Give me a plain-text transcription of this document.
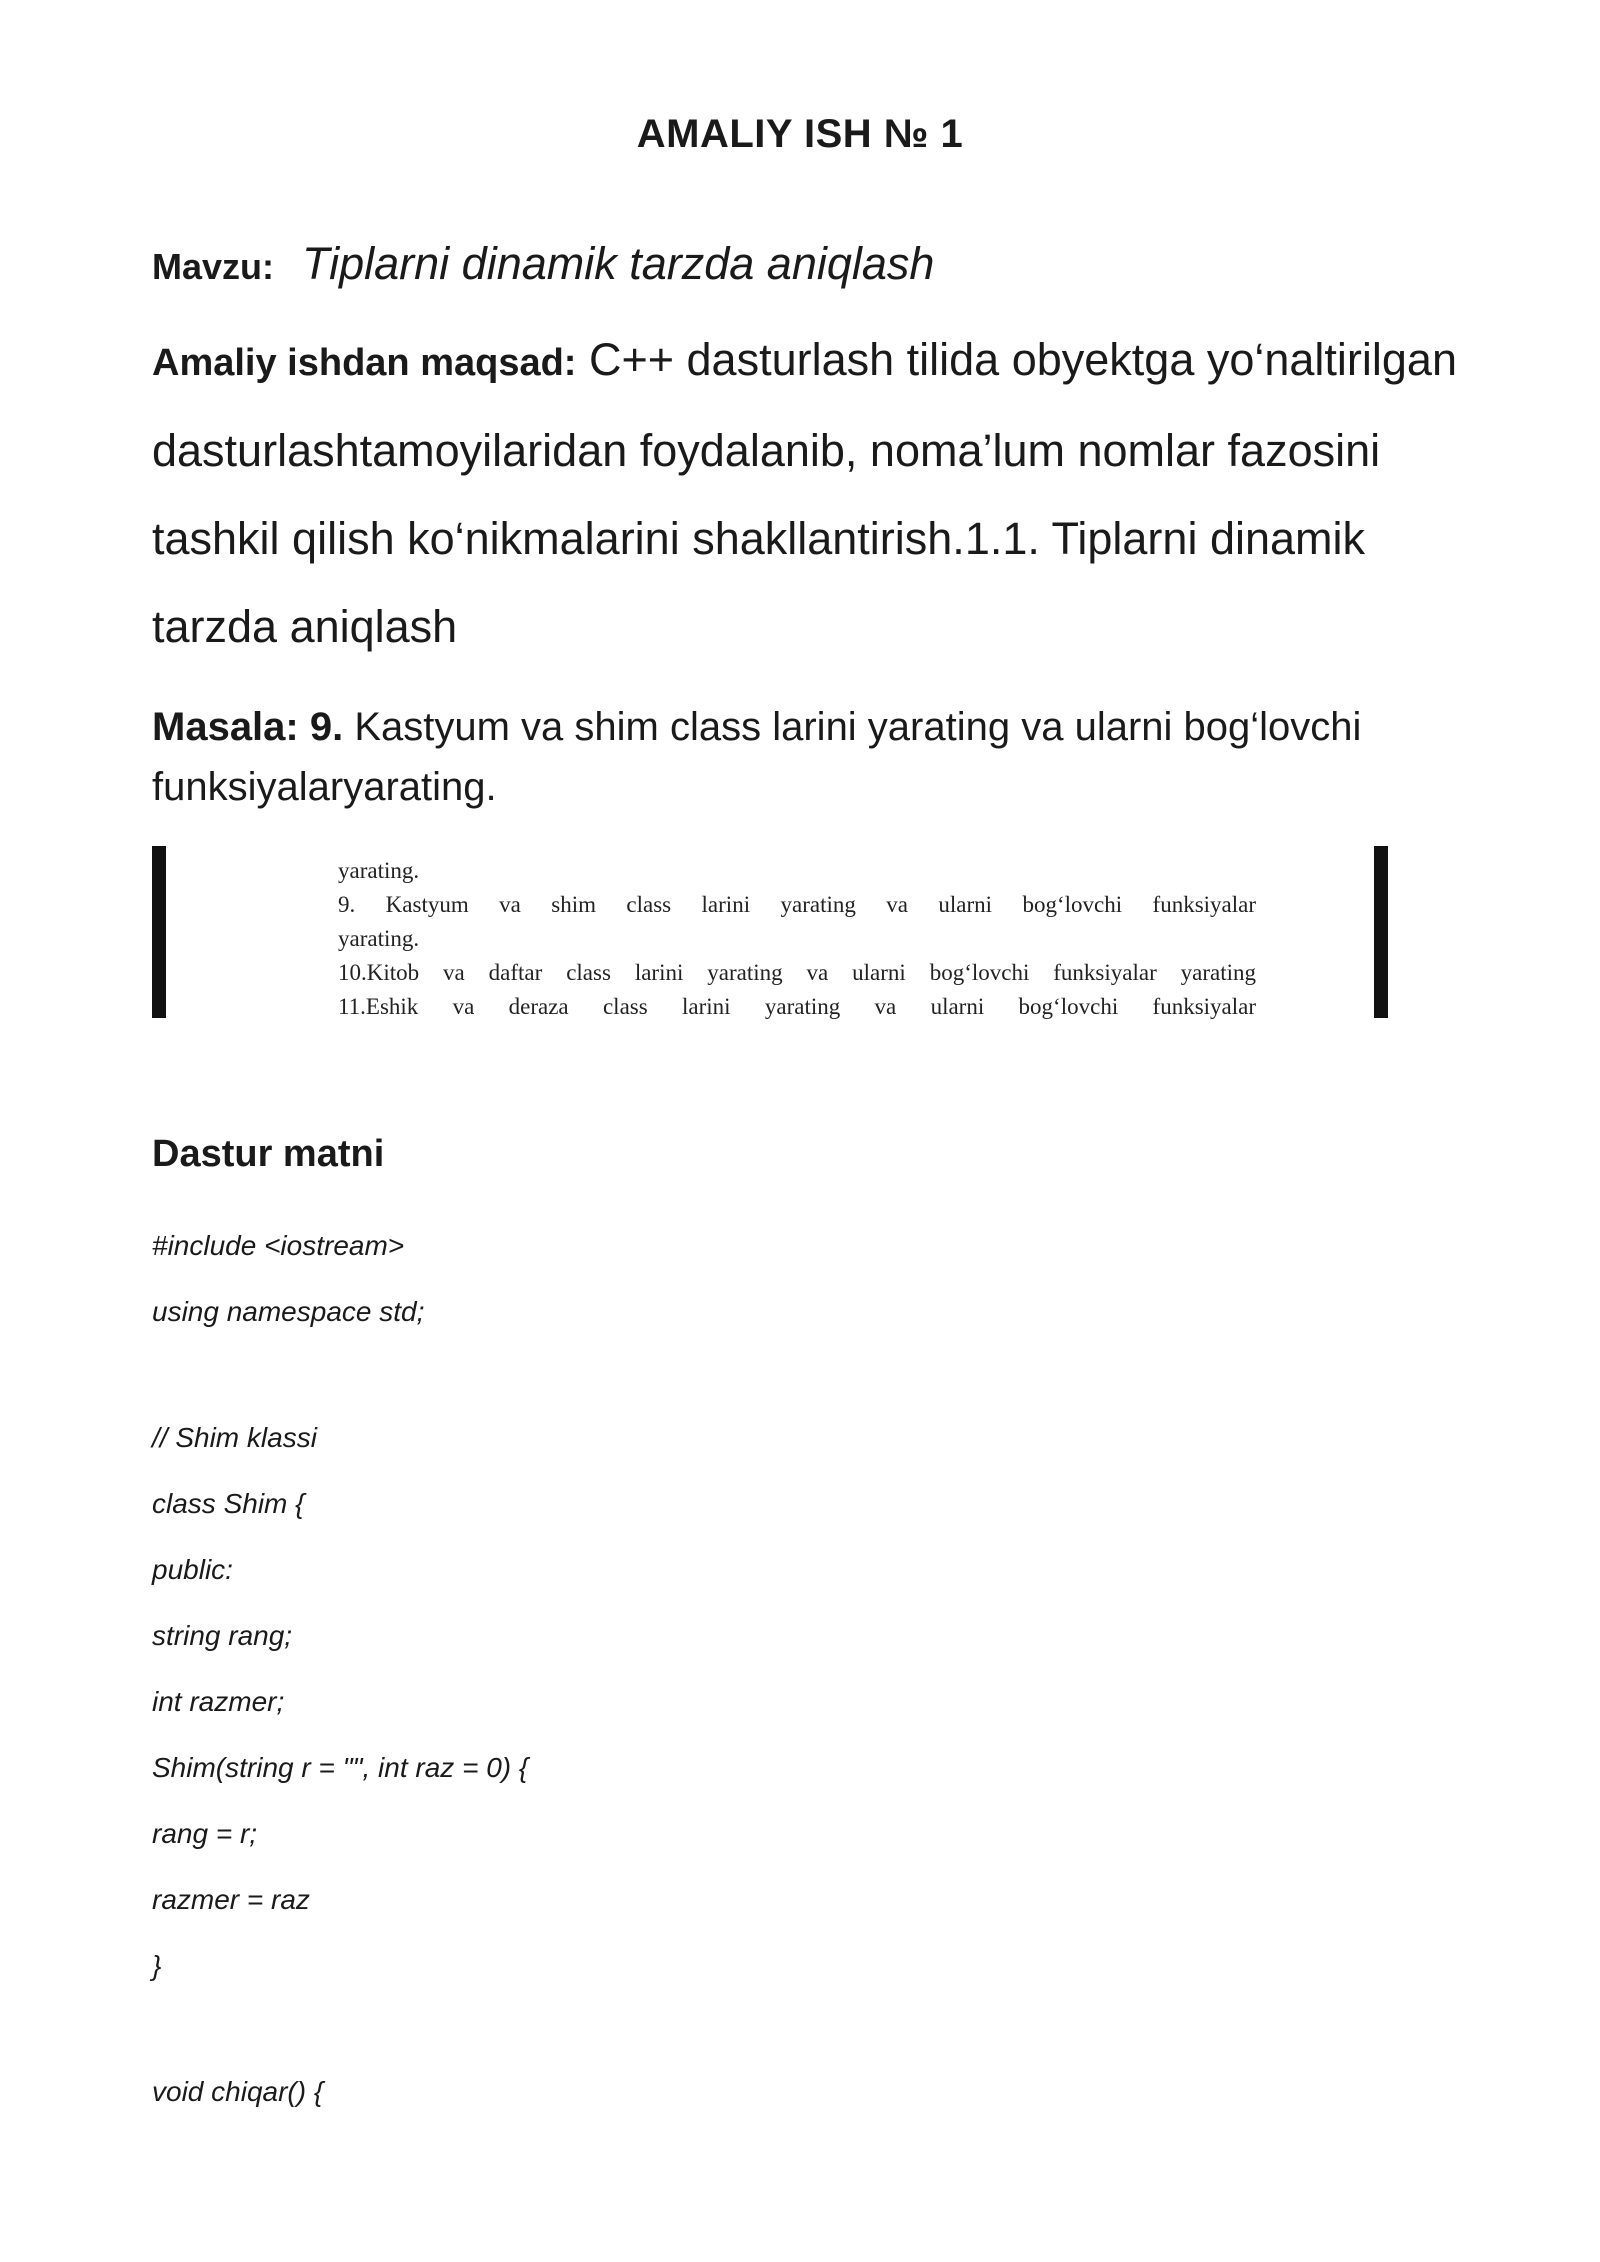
AMALIY ISH № 1
Mavzu: Tiplarni dinamik tarzda aniqlash
Amaliy ishdan maqsad: C++ dasturlash tilida obyektga yo‘naltirilgan dasturlashtamoyilaridan foydalanib, noma’lum nomlar fazosini tashkil qilish ko‘nikmalarini shakllantirish.1.1. Tiplarni dinamik tarzda aniqlash
Masala: 9. Kastyum va shim class larini yarating va ularni bog‘lovchi funksiyalaryarating.
yarating.
9. Kastyum va shim class larini yarating va ularni bog‘lovchi funksiyalar
yarating.
10.Kitob va daftar class larini yarating va ularni bog‘lovchi funksiyalar yarating
11.Eshik va deraza class larini yarating va ularni bog‘lovchi funksiyalar
Dastur matni
#include <iostream>
using namespace std;
// Shim klassi
class Shim {
public:
string rang;
int razmer;
Shim(string r = "", int raz = 0) {
rang = r;
razmer = raz
}
void chiqar() {
